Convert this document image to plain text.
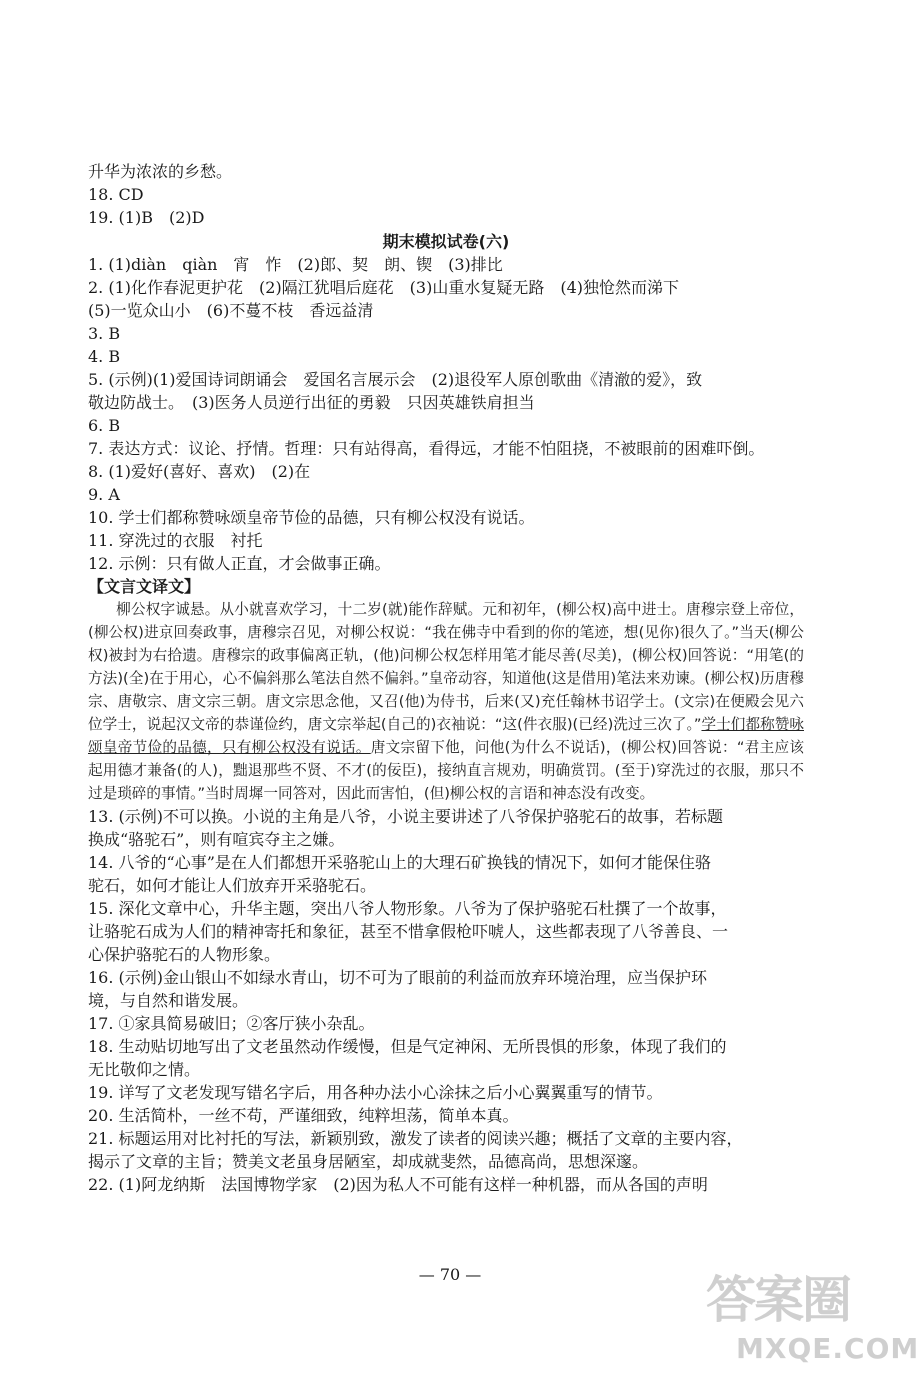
升华为浓浓的乡愁。
18. CD
19. (1)B　(2)D
期末模拟试卷(六)
1. (1)diàn　qiàn　宵　怍　(2)郎、契　朗、锲　(3)排比
2. (1)化作春泥更护花　(2)隔江犹唱后庭花　(3)山重水复疑无路　(4)独怆然而涕下
(5)一览众山小　(6)不蔓不枝　香远益清
3. B
4. B
5. (示例)(1)爱国诗词朗诵会　爱国名言展示会　(2)退役军人原创歌曲《清澈的爱》，致
敬边防战士。　(3)医务人员逆行出征的勇毅　只因英雄铁肩担当
6. B
7. 表达方式：议论、抒情。哲理：只有站得高，看得远，才能不怕阻挠，不被眼前的困难吓倒。
8. (1)爱好(喜好、喜欢)　(2)在
9. A
10. 学士们都称赞咏颂皇帝节俭的品德，只有柳公权没有说话。
11. 穿洗过的衣服　衬托
12. 示例：只有做人正直，才会做事正确。
【文言文译文】

柳公权字诚悬。从小就喜欢学习，十二岁(就)能作辞赋。元和初年，(柳公权)高中进士。唐穆宗登上帝位，(柳公权)进京回奏政事，唐穆宗召见，对柳公权说：“我在佛寺中看到的你的笔迹，想(见你)很久了。”当天(柳公权)被封为右拾遗。唐穆宗的政事偏离正轨，(他)问柳公权怎样用笔才能尽善(尽美)，(柳公权)回答说：“用笔(的方法)(全)在于用心，心不偏斜那么笔法自然不偏斜。”皇帝动容，知道他(这是借用)笔法来劝谏。(柳公权)历唐穆宗、唐敬宗、唐文宗三朝。唐文宗思念他，又召(他)为侍书，后来(又)充任翰林书诏学士。(文宗)在便殿会见六位学士，说起汉文帝的恭谨俭约，唐文宗举起(自己的)衣袖说：“这(件衣服)(已经)洗过三次了。”学士们都称赞咏颂皇帝节俭的品德，只有柳公权没有说话。唐文宗留下他，问他(为什么不说话)，(柳公权)回答说：“君主应该起用德才兼备(的人)，黜退那些不贤、不才(的佞臣)，接纳直言规劝，明确赏罚。(至于)穿洗过的衣服，那只不过是琐碎的事情。”当时周墀一同答对，因此而害怕，(但)柳公权的言语和神态没有改变。

13. (示例)不可以换。小说的主角是八爷，小说主要讲述了八爷保护骆驼石的故事，若标题
换成“骆驼石”，则有喧宾夺主之嫌。
14. 八爷的“心事”是在人们都想开采骆驼山上的大理石矿换钱的情况下，如何才能保住骆
驼石，如何才能让人们放弃开采骆驼石。
15. 深化文章中心，升华主题，突出八爷人物形象。八爷为了保护骆驼石杜撰了一个故事，
让骆驼石成为人们的精神寄托和象征，甚至不惜拿假枪吓唬人，这些都表现了八爷善良、一
心保护骆驼石的人物形象。
16. (示例)金山银山不如绿水青山，切不可为了眼前的利益而放弃环境治理，应当保护环
境，与自然和谐发展。
17. ①家具简易破旧；②客厅狭小杂乱。
18. 生动贴切地写出了文老虽然动作缓慢，但是气定神闲、无所畏惧的形象，体现了我们的
无比敬仰之情。
19. 详写了文老发现写错名字后，用各种办法小心涂抹之后小心翼翼重写的情节。
20. 生活简朴，一丝不苟，严谨细致，纯粹坦荡，简单本真。
21. 标题运用对比衬托的写法，新颖别致，激发了读者的阅读兴趣；概括了文章的主要内容，
揭示了文章的主旨；赞美文老虽身居陋室，却成就斐然，品德高尚，思想深邃。
22. (1)阿龙纳斯　法国博物学家　(2)因为私人不可能有这样一种机器，而从各国的声明
— 70 —	答案圈
MXQE.COM
